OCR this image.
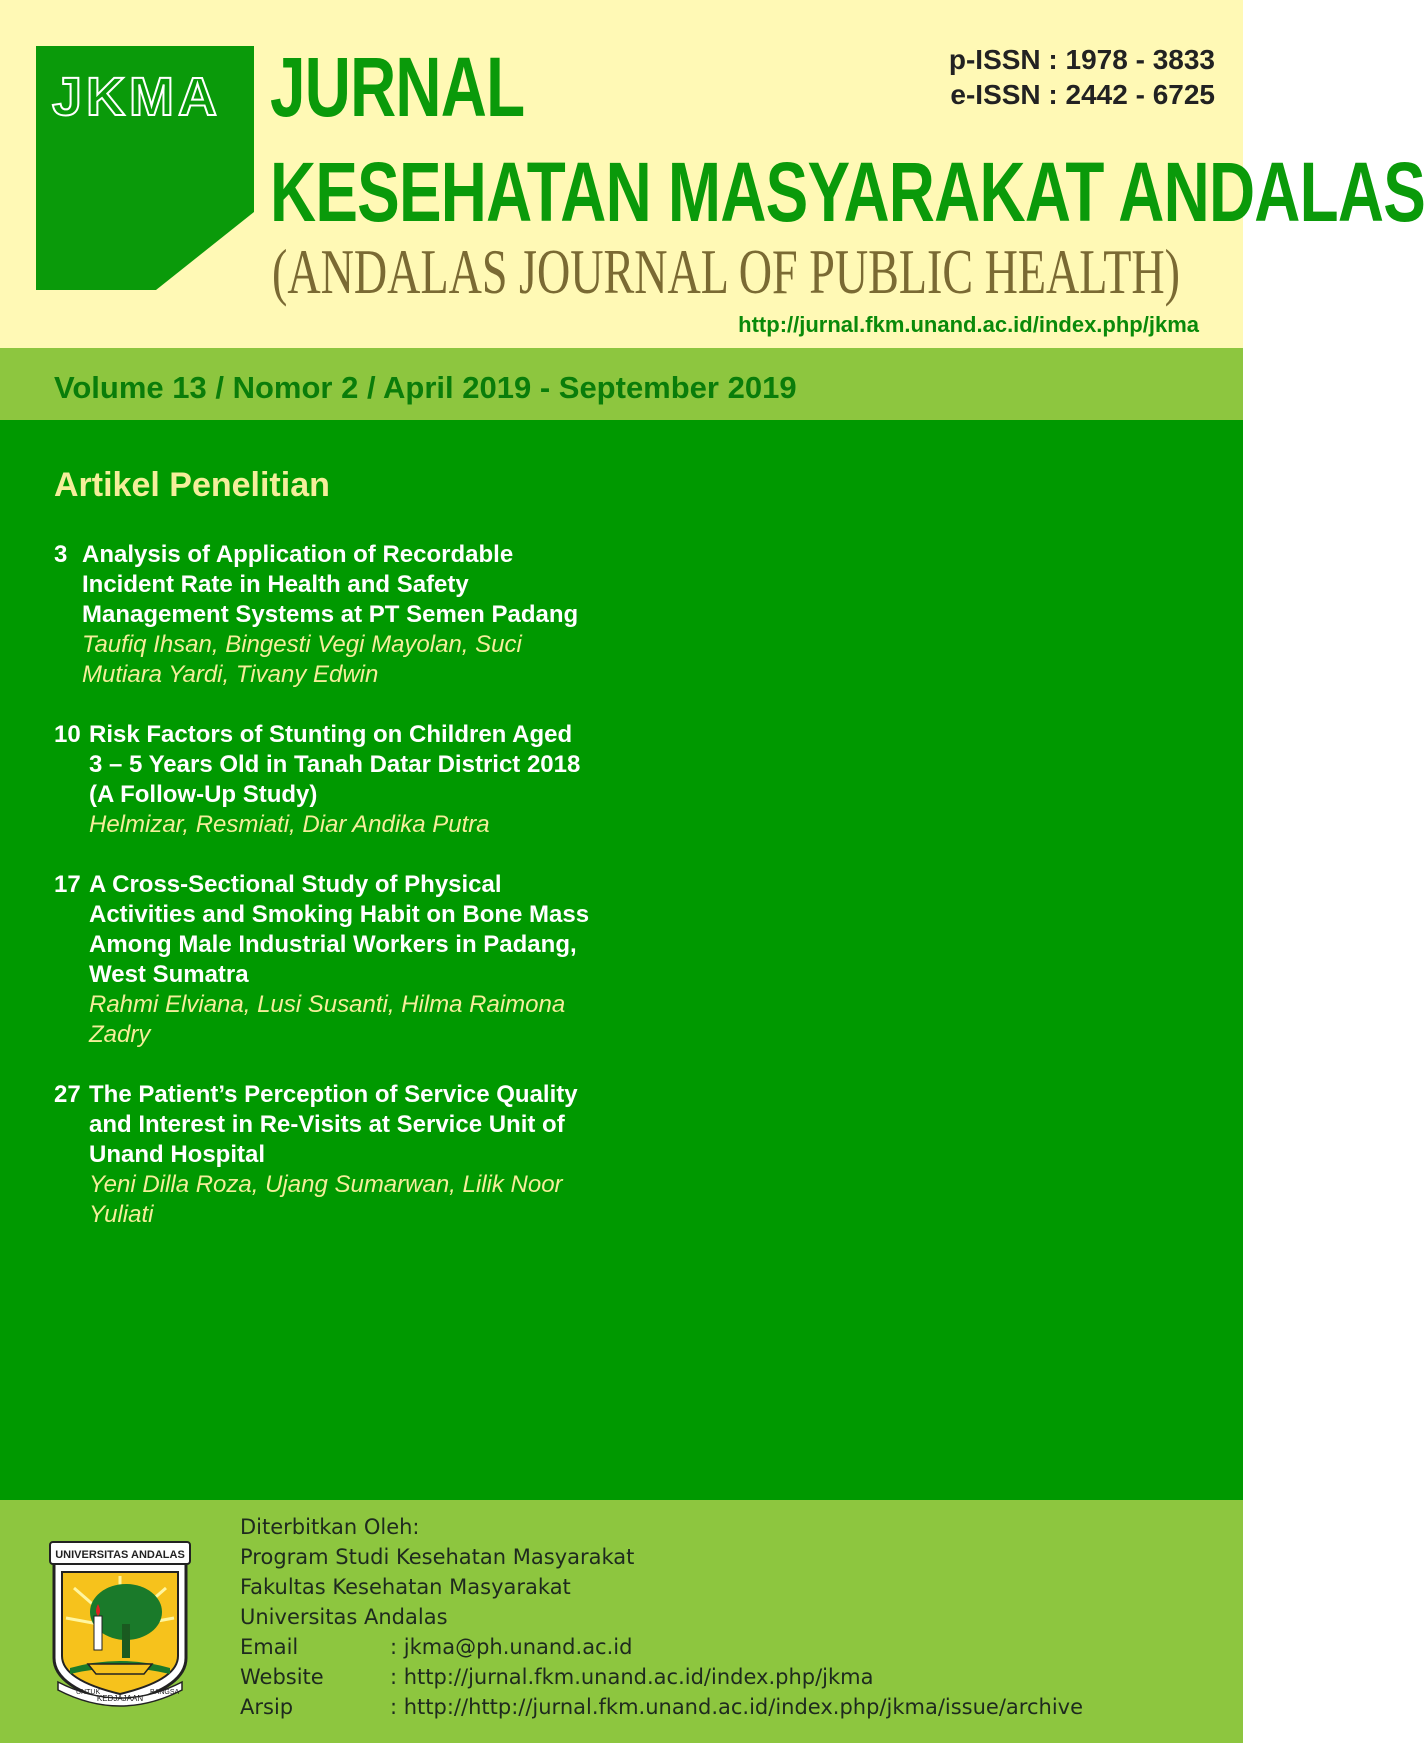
JKMA JURNAL
KESEHATAN MASYARAKAT ANDALAS
(ANDALAS JOURNAL OF PUBLIC HEALTH)
p-ISSN : 1978 - 3833
e-ISSN : 2442 - 6725
http://jurnal.fkm.unand.ac.id/index.php/jkma
Volume 13 / Nomor 2 / April 2019 - September 2019
Artikel Penelitian
3 Analysis of Application of Recordable
Incident Rate in Health and Safety
Management Systems at PT Semen Padang
Taufiq Ihsan, Bingesti Vegi Mayolan, Suci
Mutiara Yardi, Tivany Edwin
10 Risk Factors of Stunting on Children Aged
3 – 5 Years Old in Tanah Datar District 2018
(A Follow-Up Study)
Helmizar, Resmiati, Diar Andika Putra
17 A Cross-Sectional Study of Physical
Activities and Smoking Habit on Bone Mass
Among Male Industrial Workers in Padang,
West Sumatra
Rahmi Elviana, Lusi Susanti, Hilma Raimona
Zadry
27 The Patient’s Perception of Service Quality
and Interest in Re-Visits at Service Unit of
Unand Hospital
Yeni Dilla Roza, Ujang Sumarwan, Lilik Noor
Yuliati
UNIVERSITAS ANDALAS
UNTUK
KEDJAJAAN
BANGSA
Diterbitkan Oleh:
Program Studi Kesehatan Masyarakat
Fakultas Kesehatan Masyarakat
Universitas Andalas
Email	: jkma@ph.unand.ac.id
Website	: http://jurnal.fkm.unand.ac.id/index.php/jkma
Arsip	: http://http://jurnal.fkm.unand.ac.id/index.php/jkma/issue/archive
